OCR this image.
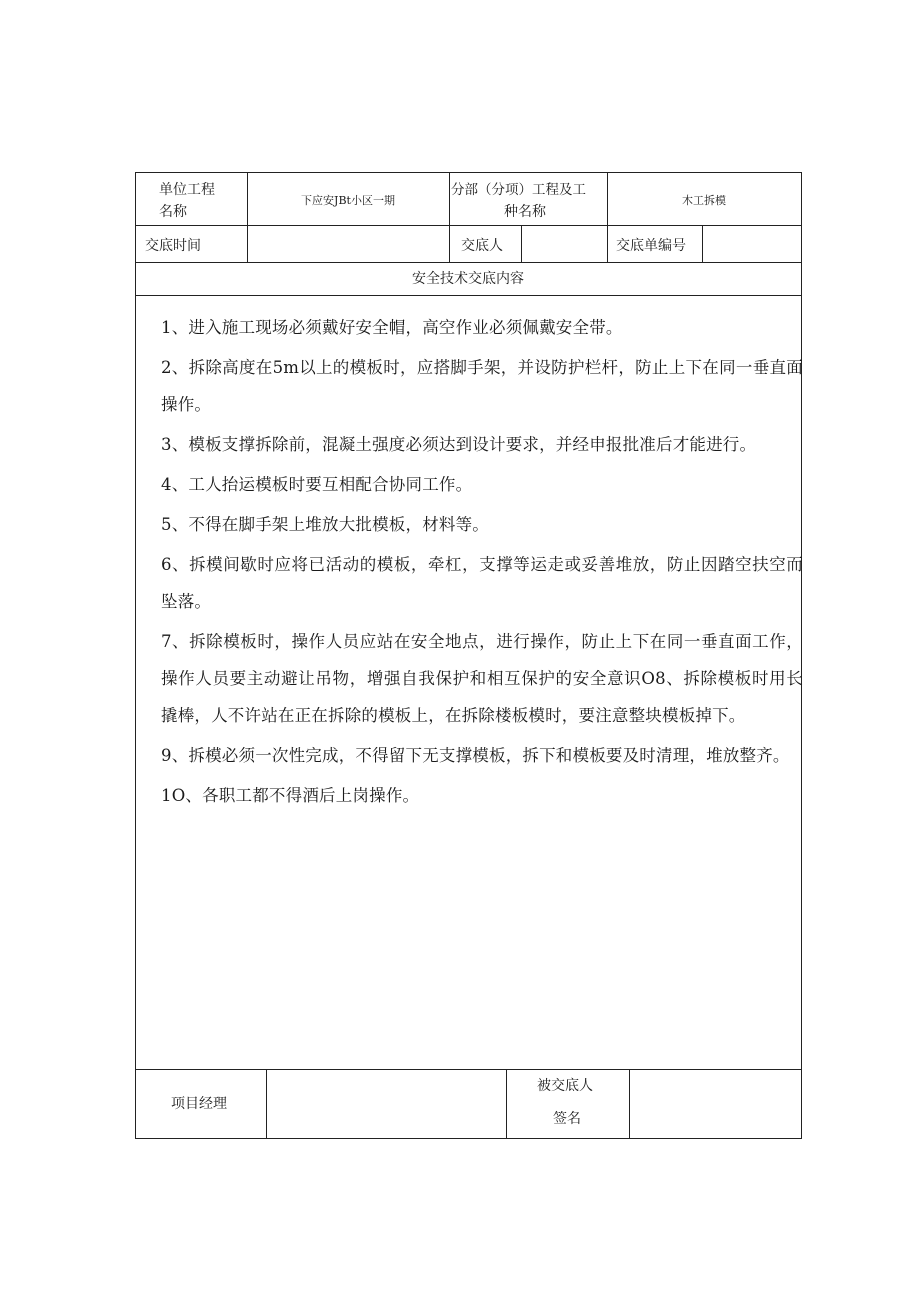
单位工程
名称
下应安JBt小区一期
分部（分项）工程及工
种名称
木工拆模
交底时间	交底人	交底单编号
安全技术交底内容

1、进入施工现场必须戴好安全帽，高空作业必须佩戴安全带。

2、拆除高度在5m以上的模板时，应搭脚手架，并设防护栏杆，防止上下在同一垂直面操作。

3、模板支撑拆除前，混凝土强度必须达到设计要求，并经申报批准后才能进行。

4、工人抬运模板时要互相配合协同工作。

5、不得在脚手架上堆放大批模板，材料等。

6、拆模间歇时应将已活动的模板，牵杠，支撑等运走或妥善堆放，防止因踏空扶空而坠落。

7、拆除模板时，操作人员应站在安全地点，进行操作，防止上下在同一垂直面工作，操作人员要主动避让吊物，增强自我保护和相互保护的安全意识O8、拆除模板时用长撬棒，人不许站在正在拆除的模板上，在拆除楼板模时，要注意整块模板掉下。

9、拆模必须一次性完成，不得留下无支撑模板，拆下和模板要及时清理，堆放整齐。

1O、各职工都不得酒后上岗操作。

项目经理
被交底人
签名
